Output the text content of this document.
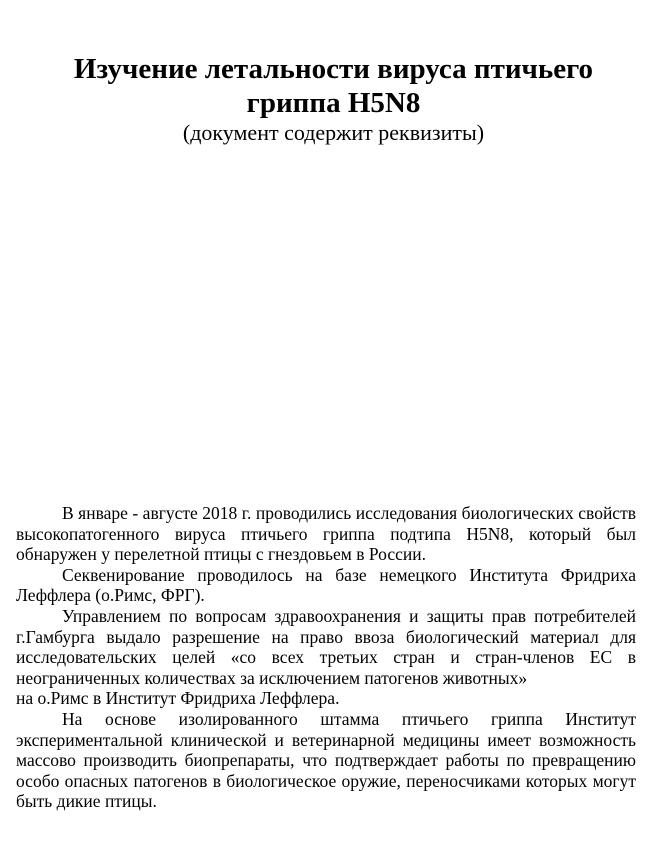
Изучение летальности вируса птичьего
гриппа H5N8

(документ содержит реквизиты)

В январе - августе 2018 г. проводились исследования биологических свойств высокопатогенного вируса птичьего гриппа подтипа H5N8, который был обнаружен у перелетной птицы с гнездовьем в России.

Секвенирование проводилось на базе немецкого Института Фридриха Леффлера (о.Римс, ФРГ).

Управлением по вопросам здравоохранения и защиты прав потребителей г.Гамбурга выдало разрешение на право ввоза биологический материал для исследовательских целей «со всех третьих стран и стран-членов ЕС в неограниченных количествах за исключением патогенов животных»

на о.Римс в Институт Фридриха Леффлера.

На основе изолированного штамма птичьего гриппа Институт экспериментальной клинической и ветеринарной медицины имеет возможность массово производить биопрепараты, что подтверждает работы по превращению особо опасных патогенов в биологическое оружие, переносчиками которых могут быть дикие птицы.
